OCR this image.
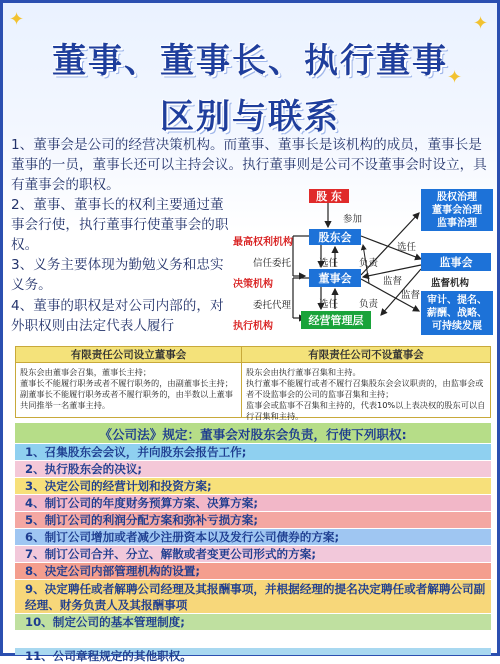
✦	✦
✦
董事、董事长、执行董事
区别与联系
1、董事会是公司的经营决策机构。而董事、董事长是该机构的成员，董事长是董事的一员，董事长还可以主持会议。执行董事则是公司不设董事会时设立，具有董事会的职权。
2、董事、董事长的权利主要通过董事会行使，执行董事行使董事会的职权。
3、义务主要体现为勤勉义务和忠实义务。
4、董事的职权是对公司内部的，对外职权则由法定代表人履行
股 东
参加
股东会
董事会
经营管理层
监事会
股权治理
董事会治理
监事治理
审计、提名、
薪酬、战略、
可持续发展
最高权利机构
决策机构
执行机构
信任委托
委托代理
选任
选任
负责
负责
选任
监督
监督
监督机构
有限责任公司设立董事会	有限责任公司不设董事会
股东会由董事会召集，董事长主持；
董事长不能履行职务或者不履行职务的，由副董事长主持；
副董事长不能履行职务或者不履行职务的，由半数以上董事
共同推举一名董事主持。
股东会由执行董事召集和主持。
执行董事不能履行或者不履行召集股东会会议职责的，由监事会或
者不设监事会的公司的监事召集和主持；
监事会或监事不召集和主持的，代表10%以上表决权的股东可以自
行召集和主持。
《公司法》规定：董事会对股东会负责，行使下列职权:
1、召集股东会会议，并向股东会报告工作;
2、执行股东会的决议;
3、决定公司的经营计划和投资方案;
4、制订公司的年度财务预算方案、决算方案;
5、制订公司的利润分配方案和弥补亏损方案;
6、制订公司增加或者减少注册资本以及发行公司债券的方案;
7、制订公司合并、分立、解散或者变更公司形式的方案;
8、决定公司内部管理机构的设置;
9、决定聘任或者解聘公司经理及其报酬事项，并根据经理的提名决定聘任或者解聘公司副经理、财务负责人及其报酬事项
10、制定公司的基本管理制度;
11、公司章程规定的其他职权。
